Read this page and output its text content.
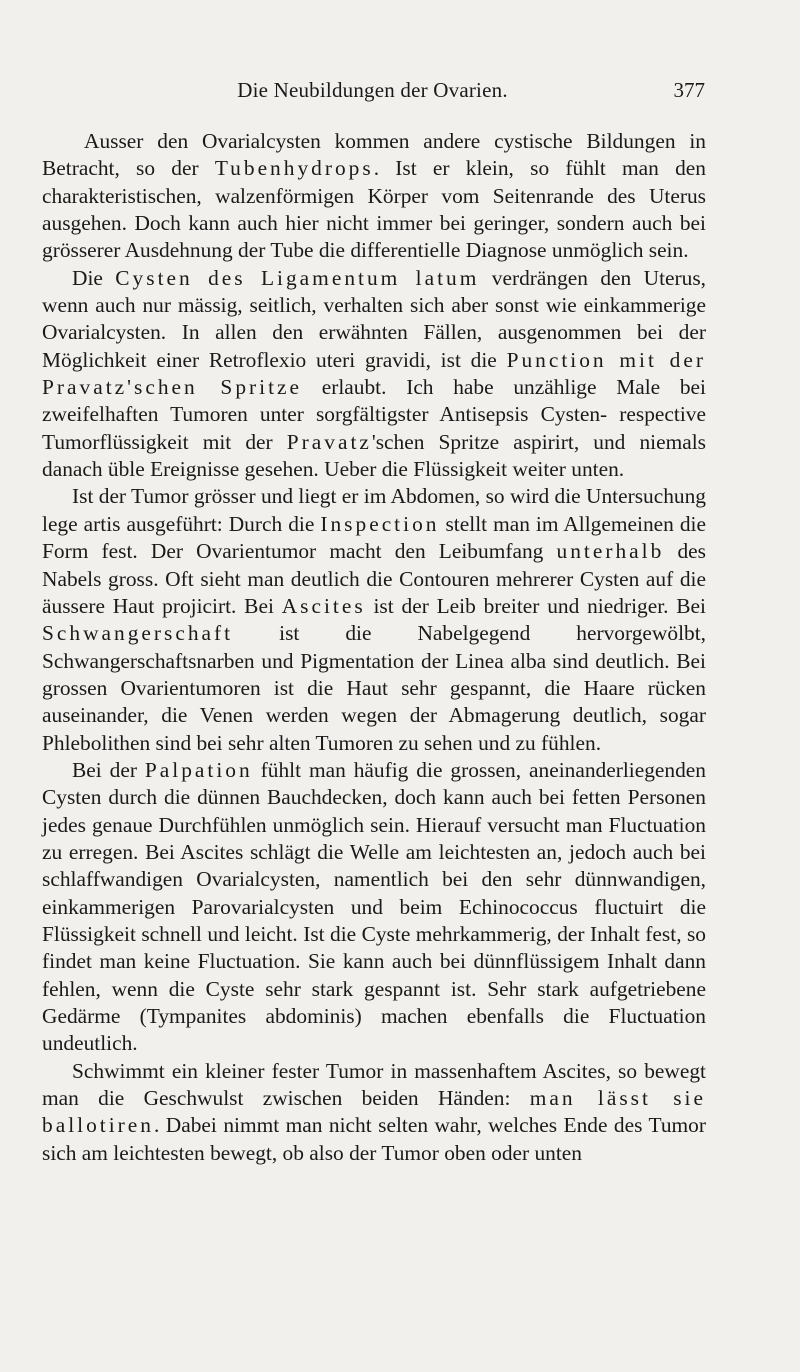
Die Neubildungen der Ovarien.	377

Ausser den Ovarialcysten kommen andere cystische Bildungen in Betracht, so der Tubenhydrops. Ist er klein, so fühlt man den charakteristischen, walzenförmigen Körper vom Seitenrande des Uterus ausgehen. Doch kann auch hier nicht immer bei geringer, sondern auch bei grösserer Ausdehnung der Tube die differentielle Diagnose unmöglich sein.

Die Cysten des Ligamentum latum verdrängen den Uterus, wenn auch nur mässig, seitlich, verhalten sich aber sonst wie einkammerige Ovarialcysten. In allen den erwähnten Fällen, ausgenommen bei der Möglichkeit einer Retroflexio uteri gravidi, ist die Punction mit der Pravatz'schen Spritze erlaubt. Ich habe unzählige Male bei zweifelhaften Tumoren unter sorgfältigster Antisepsis Cysten- respective Tumorflüssigkeit mit der Pravatz'schen Spritze aspirirt, und niemals danach üble Ereignisse gesehen. Ueber die Flüssigkeit weiter unten.

Ist der Tumor grösser und liegt er im Abdomen, so wird die Untersuchung lege artis ausgeführt: Durch die Inspection stellt man im Allgemeinen die Form fest. Der Ovarientumor macht den Leibumfang unterhalb des Nabels gross. Oft sieht man deutlich die Contouren mehrerer Cysten auf die äussere Haut projicirt. Bei Ascites ist der Leib breiter und niedriger. Bei Schwangerschaft ist die Nabelgegend hervorgewölbt, Schwangerschaftsnarben und Pigmentation der Linea alba sind deutlich. Bei grossen Ovarientumoren ist die Haut sehr gespannt, die Haare rücken auseinander, die Venen werden wegen der Abmagerung deutlich, sogar Phlebolithen sind bei sehr alten Tumoren zu sehen und zu fühlen.

Bei der Palpation fühlt man häufig die grossen, aneinanderliegenden Cysten durch die dünnen Bauchdecken, doch kann auch bei fetten Personen jedes genaue Durchfühlen unmöglich sein. Hierauf versucht man Fluctuation zu erregen. Bei Ascites schlägt die Welle am leichtesten an, jedoch auch bei schlaffwandigen Ovarialcysten, namentlich bei den sehr dünnwandigen, einkammerigen Parovarialcysten und beim Echinococcus fluctuirt die Flüssigkeit schnell und leicht. Ist die Cyste mehrkammerig, der Inhalt fest, so findet man keine Fluctuation. Sie kann auch bei dünnflüssigem Inhalt dann fehlen, wenn die Cyste sehr stark gespannt ist. Sehr stark aufgetriebene Gedärme (Tympanites abdominis) machen ebenfalls die Fluctuation undeutlich.

Schwimmt ein kleiner fester Tumor in massenhaftem Ascites, so bewegt man die Geschwulst zwischen beiden Händen: man lässt sie ballotiren. Dabei nimmt man nicht selten wahr, welches Ende des Tumor sich am leichtesten bewegt, ob also der Tumor oben oder unten
